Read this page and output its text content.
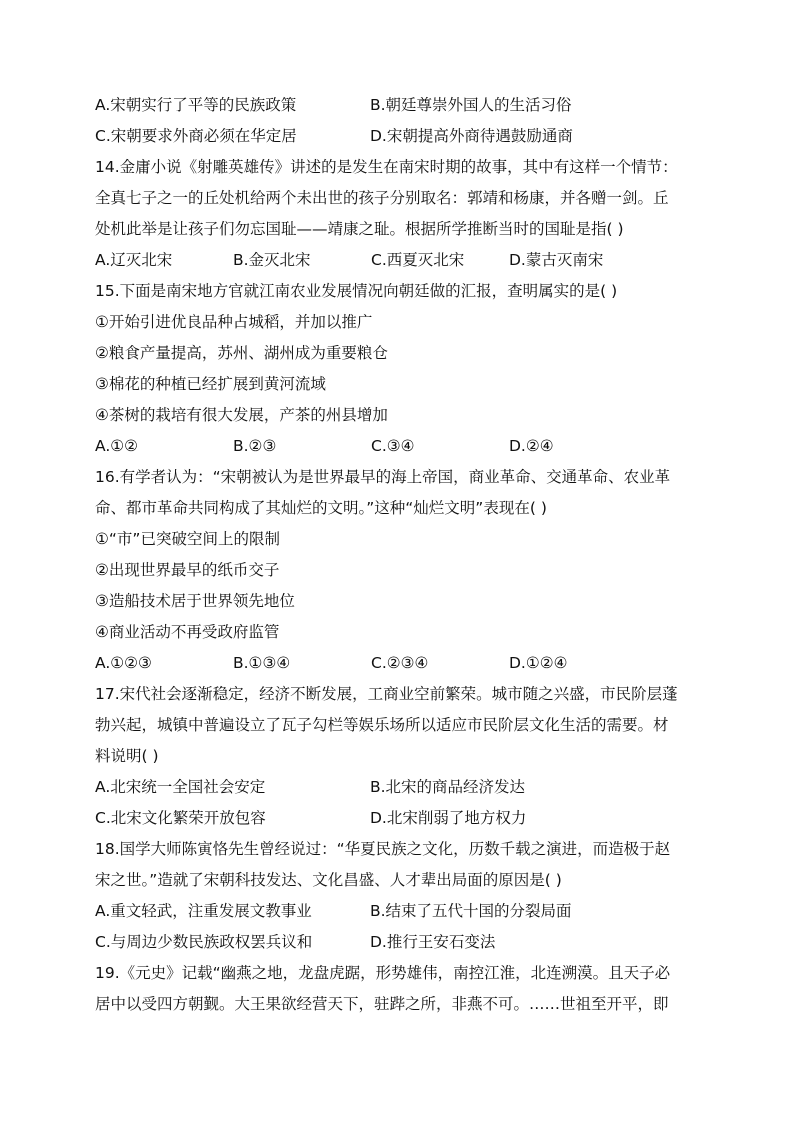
A.宋朝实行了平等的民族政策	B.朝廷尊崇外国人的生活习俗
C.宋朝要求外商必须在华定居	D.宋朝提高外商待遇鼓励通商
14.金庸小说《射雕英雄传》讲述的是发生在南宋时期的故事，其中有这样一个情节：
全真七子之一的丘处机给两个未出世的孩子分别取名：郭靖和杨康，并各赠一剑。丘
处机此举是让孩子们勿忘国耻——靖康之耻。根据所学推断当时的国耻是指( )
A.辽灭北宋	B.金灭北宋	C.西夏灭北宋	D.蒙古灭南宋
15.下面是南宋地方官就江南农业发展情况向朝廷做的汇报，查明属实的是( )
①开始引进优良品种占城稻，并加以推广
②粮食产量提高，苏州、湖州成为重要粮仓
③棉花的种植已经扩展到黄河流域
④茶树的栽培有很大发展，产茶的州县增加
A.①②	B.②③	C.③④	D.②④
16.有学者认为：“宋朝被认为是世界最早的海上帝国，商业革命、交通革命、农业革
命、都市革命共同构成了其灿烂的文明。”这种“灿烂文明”表现在( )
①“市”已突破空间上的限制
②出现世界最早的纸币交子
③造船技术居于世界领先地位
④商业活动不再受政府监管
A.①②③	B.①③④	C.②③④	D.①②④
17.宋代社会逐渐稳定，经济不断发展，工商业空前繁荣。城市随之兴盛，市民阶层蓬
勃兴起，城镇中普遍设立了瓦子勾栏等娱乐场所以适应市民阶层文化生活的需要。材
料说明( )
A.北宋统一全国社会安定	B.北宋的商品经济发达
C.北宋文化繁荣开放包容	D.北宋削弱了地方权力
18.国学大师陈寅恪先生曾经说过：“华夏民族之文化，历数千载之演进，而造极于赵
宋之世。”造就了宋朝科技发达、文化昌盛、人才辈出局面的原因是( )
A.重文轻武，注重发展文教事业	B.结束了五代十国的分裂局面
C.与周边少数民族政权罢兵议和	D.推行王安石变法
19.《元史》记载“幽燕之地，龙盘虎踞，形势雄伟，南控江淮，北连溯漠。且天子必
居中以受四方朝觐。大王果欲经营天下，驻跸之所，非燕不可。……世祖至开平，即
